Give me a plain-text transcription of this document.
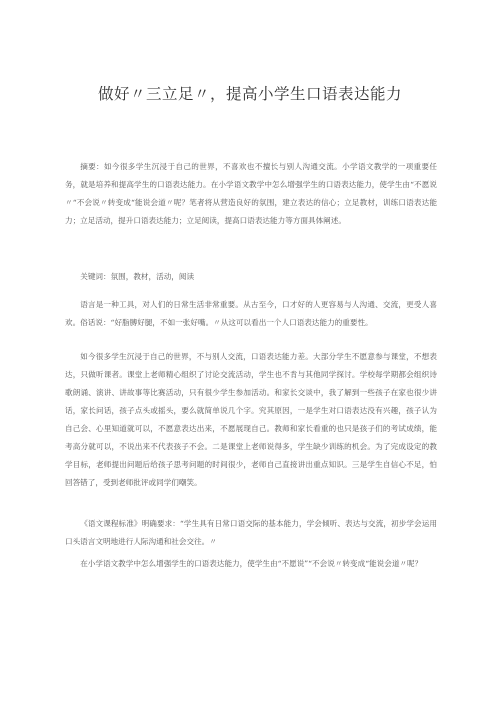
做好〃三立足〃，提高小学生口语表达能力

摘要：如今很多学生沉浸于自己的世界，不喜欢也不擅长与别人沟通交流。小学语文教学的一项重要任务，就是培养和提高学生的口语表达能力。在小学语文教学中怎么增强学生的口语表达能力，使学生由“不愿说〃“不会说〃转变成“能说会道〃呢？笔者将从营造良好的氛围，建立表达的信心；立足教材，训练口语表达能力；立足活动，提升口语表达能力；立足阅读，提高口语表达能力等方面具体阐述。

关键词：氛围，教材，活动，阅读

语言是一种工具，对人们的日常生活非常重要。从古至今，口才好的人更容易与人沟通、交流，更受人喜欢。俗话说：“好脂膊好腿，不如一张好嘴。〃从这可以看出一个人口语表达能力的重要性。

如今很多学生沉浸于自己的世界，不与别人交流，口语表达能力差。大部分学生不愿意参与课堂，不想表达，只做听课者。课堂上老师精心组织了讨论交流活动，学生也不肯与其他同学探讨。学校每学期都会组织诗歌朗诵、演讲、讲故事等比赛活动，只有很少学生参加活动。和家长交谈中，我了解到一些孩子在家也很少讲话，家长问话，孩子点头或摇头，要么就简单说几个字。究其原因，一是学生对口语表达没有兴趣，孩子认为自己会、心里知道就可以，不愿意表达出来，不愿展现自己。教师和家长看重的也只是孩子们的考试成绩，能考高分就可以，不说出来不代表孩子不会。二是课堂上老师说得多，学生缺少训练的机会。为了完成设定的教学目标，老师提出问题后给孩子思考问题的时间很少，老师自己直接讲出重点知识。三是学生自信心不足，怕回答错了，受到老师批评或同学们嘲笑。

《语文课程标准》明确要求：“学生具有日常口语交际的基本能力，学会倾听、表达与交流，初步学会运用口头语言文明地进行人际沟通和社会交往。〃

在小学语文教学中怎么增强学生的口语表达能力，使学生由“不愿说”“不会说〃转变成“能说会道〃呢？
